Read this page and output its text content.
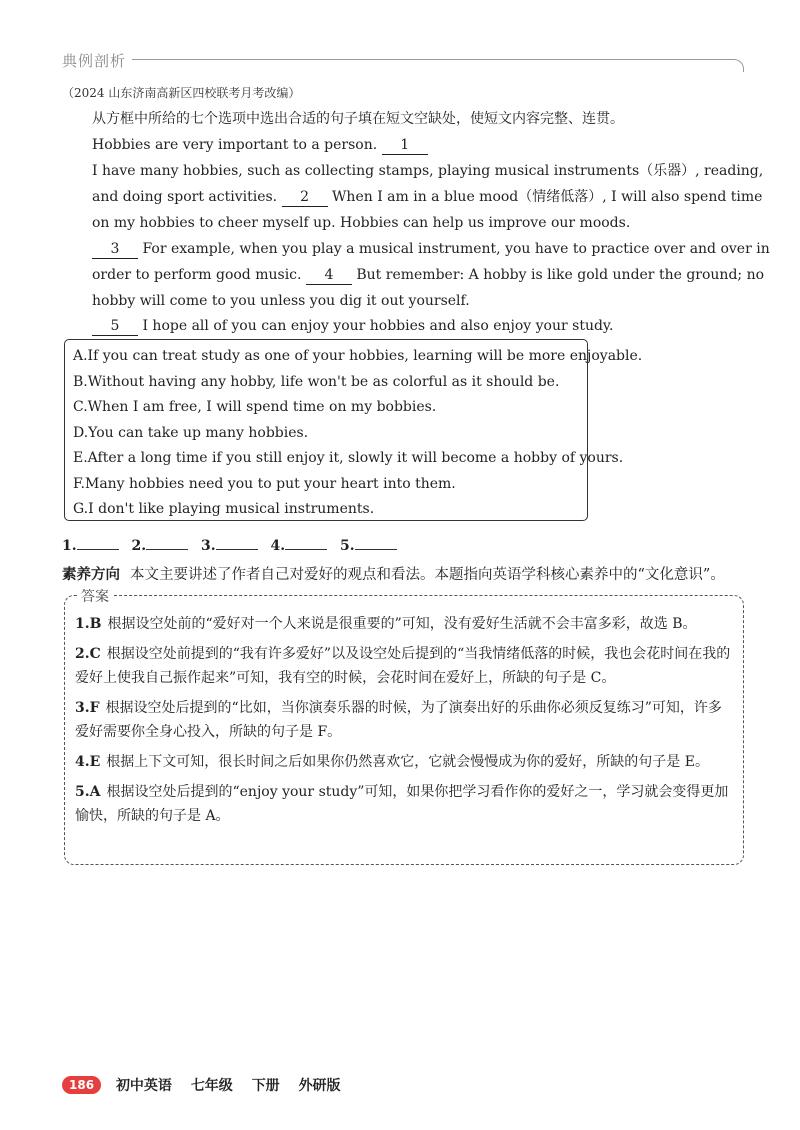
典例剖析
（2024 山东济南高新区四校联考月考改编）
从方框中所给的七个选项中选出合适的句子填在短文空缺处，使短文内容完整、连贯。
Hobbies are very important to a person. 1
I have many hobbies, such as collecting stamps, playing musical instruments（乐器）, reading, and doing sport activities. 2 When I am in a blue mood（情绪低落）, I will also spend time on my hobbies to cheer myself up. Hobbies can help us improve our moods.
3 For example, when you play a musical instrument, you have to practice over and over in order to perform good music. 4 But remember: A hobby is like gold under the ground; no hobby will come to you unless you dig it out yourself.
5 I hope all of you can enjoy your hobbies and also enjoy your study.
A.If you can treat study as one of your hobbies, learning will be more enjoyable.
B.Without having any hobby, life won't be as colorful as it should be.
C.When I am free, I will spend time on my bobbies.
D.You can take up many hobbies.
E.After a long time if you still enjoy it, slowly it will become a hobby of yours.
F.Many hobbies need you to put your heart into them.
G.I don't like playing musical instruments.
1.	2.	3.	4.	5.
素养方向 本文主要讲述了作者自己对爱好的观点和看法。本题指向英语学科核心素养中的“文化意识”。
答案
1.B 根据设空处前的“爱好对一个人来说是很重要的”可知，没有爱好生活就不会丰富多彩，故选 B。
2.C 根据设空处前提到的“我有许多爱好”以及设空处后提到的“当我情绪低落的时候，我也会花时间在我的爱好上使我自己振作起来”可知，我有空的时候，会花时间在爱好上，所缺的句子是 C。
3.F 根据设空处后提到的“比如，当你演奏乐器的时候，为了演奏出好的乐曲你必须反复练习”可知，许多爱好需要你全身心投入，所缺的句子是 F。
4.E 根据上下文可知，很长时间之后如果你仍然喜欢它，它就会慢慢成为你的爱好，所缺的句子是 E。
5.A 根据设空处后提到的“enjoy your study”可知，如果你把学习看作你的爱好之一，学习就会变得更加愉快，所缺的句子是 A。
186 初中英语 七年级 下册 外研版
